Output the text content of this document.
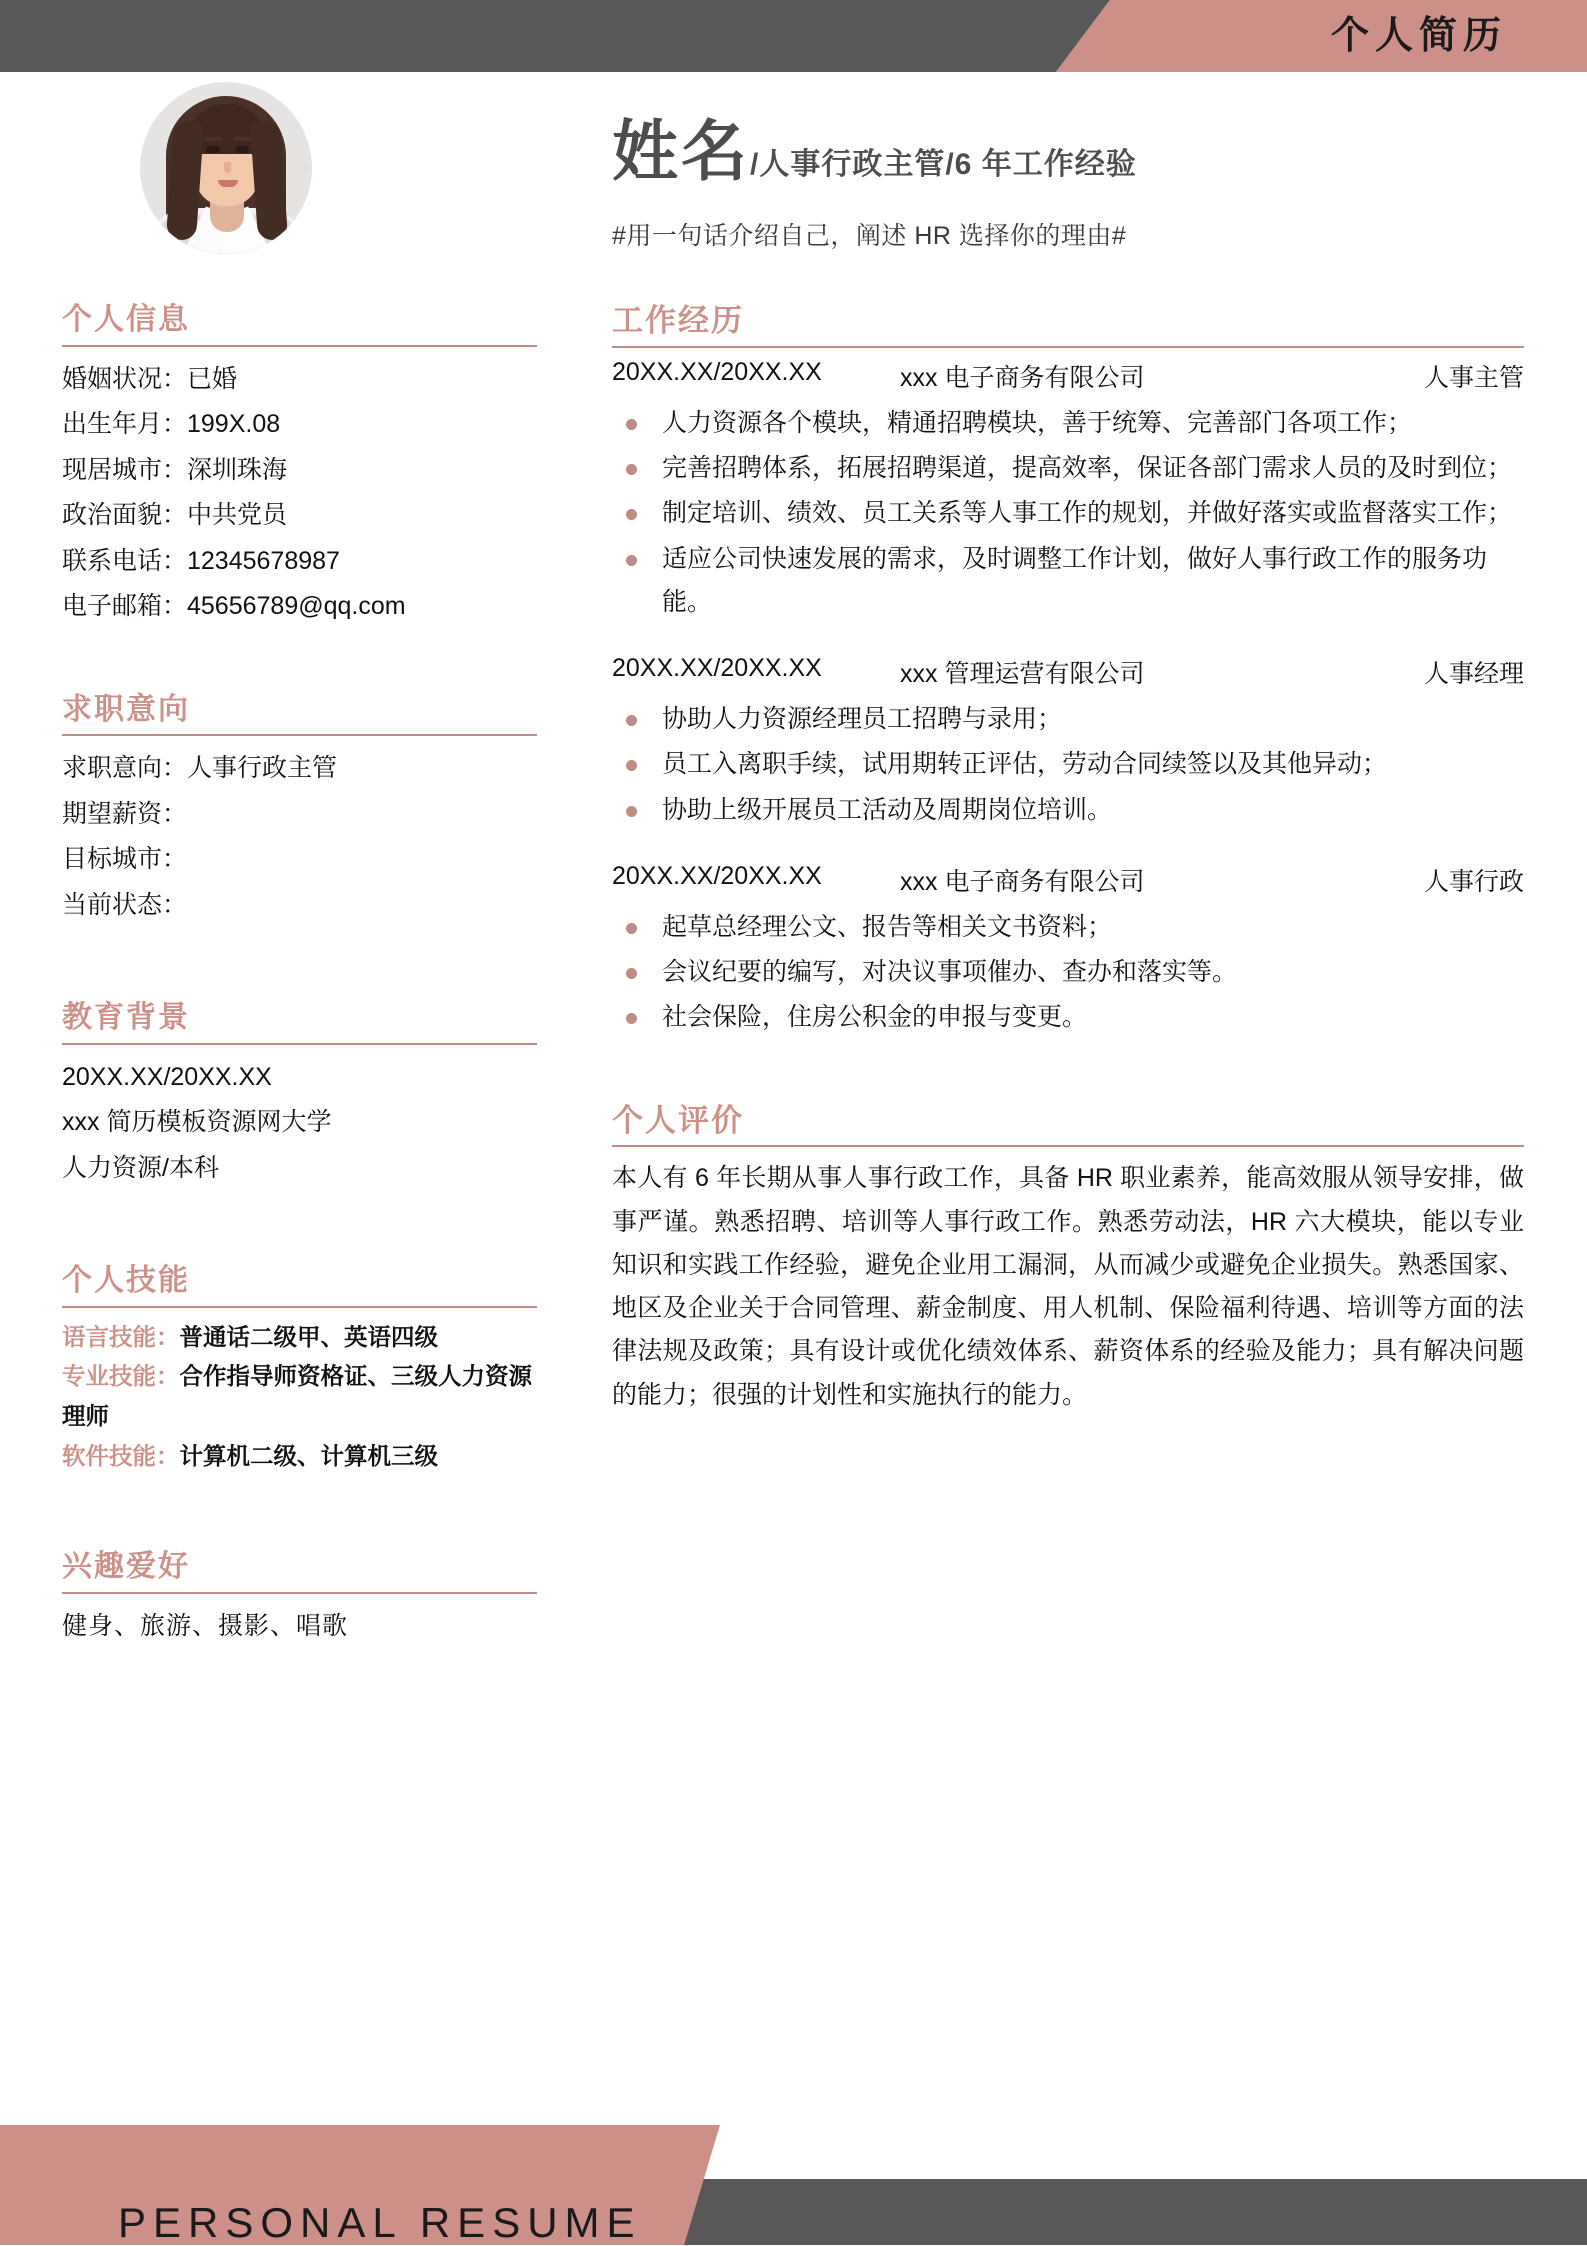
个人简历
姓名 /人事行政主管/6 年工作经验
#用一句话介绍自己，阐述 HR 选择你的理由#
个人信息
婚姻状况：已婚
出生年月：199X.08
现居城市：深圳珠海
政治面貌：中共党员
联系电话：12345678987
电子邮箱：45656789@qq.com
求职意向
求职意向：人事行政主管
期望薪资：
目标城市：
当前状态：
教育背景
20XX.XX/20XX.XX
xxx 简历模板资源网大学
人力资源/本科
个人技能
语言技能：普通话二级甲、英语四级
专业技能：合作指导师资格证、三级人力资源理师
软件技能：计算机二级、计算机三级
兴趣爱好
健身、旅游、摄影、唱歌
工作经历
20XX.XX/20XX.XX	xxx 电子商务有限公司	人事主管
人力资源各个模块，精通招聘模块，善于统筹、完善部门各项工作；
完善招聘体系，拓展招聘渠道，提高效率，保证各部门需求人员的及时到位；
制定培训、绩效、员工关系等人事工作的规划，并做好落实或监督落实工作；
适应公司快速发展的需求，及时调整工作计划，做好人事行政工作的服务功能。
20XX.XX/20XX.XX	xxx 管理运营有限公司	人事经理
协助人力资源经理员工招聘与录用；
员工入离职手续，试用期转正评估，劳动合同续签以及其他异动；
协助上级开展员工活动及周期岗位培训。
20XX.XX/20XX.XX	xxx 电子商务有限公司	人事行政
起草总经理公文、报告等相关文书资料；
会议纪要的编写，对决议事项催办、查办和落实等。
社会保险，住房公积金的申报与变更。
个人评价
本人有 6 年长期从事人事行政工作，具备 HR 职业素养，能高效服从领导安排，做事严谨。熟悉招聘、培训等人事行政工作。熟悉劳动法，HR 六大模块，能以专业知识和实践工作经验，避免企业用工漏洞，从而减少或避免企业损失。熟悉国家、地区及企业关于合同管理、薪金制度、用人机制、保险福利待遇、培训等方面的法律法规及政策；具有设计或优化绩效体系、薪资体系的经验及能力；具有解决问题的能力；很强的计划性和实施执行的能力。
PERSONAL RESUME
